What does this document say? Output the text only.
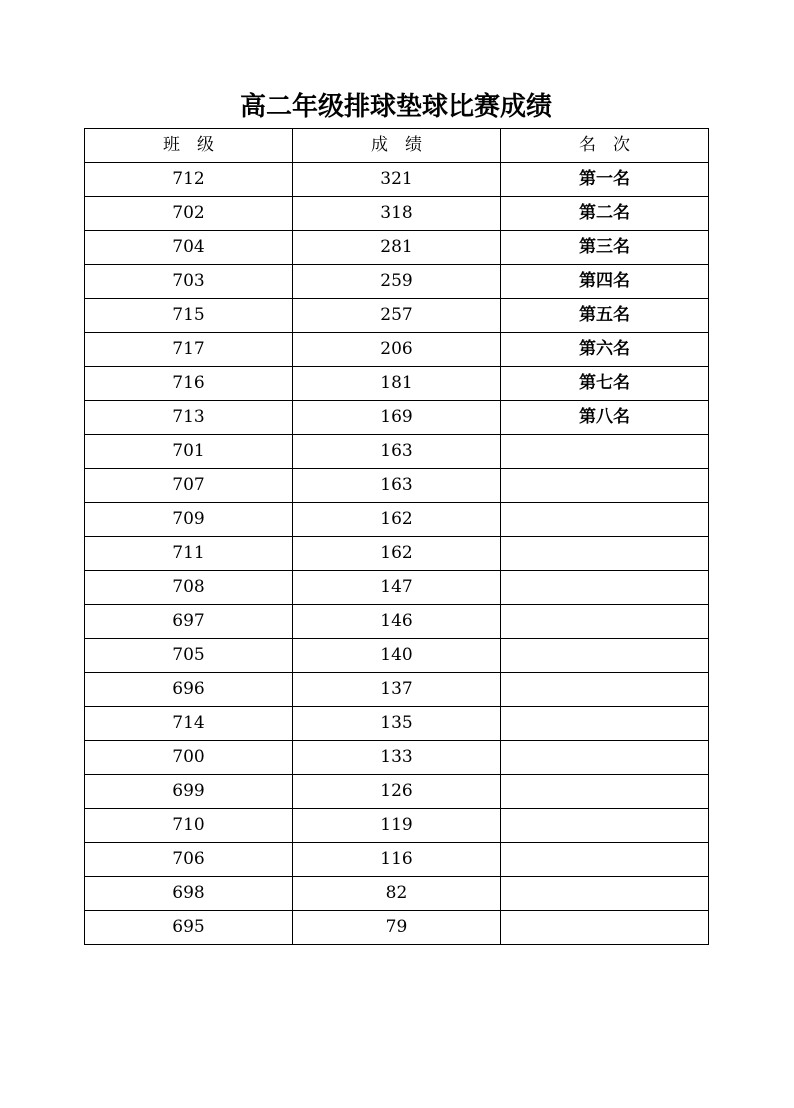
高二年级排球垫球比赛成绩
班　级	成　绩	名　次
712	321	第一名
702	318	第二名
704	281	第三名
703	259	第四名
715	257	第五名
717	206	第六名
716	181	第七名
713	169	第八名
701	163	
707	163	
709	162	
711	162	
708	147	
697	146	
705	140	
696	137	
714	135	
700	133	
699	126	
710	119	
706	116	
698	82	
695	79	
